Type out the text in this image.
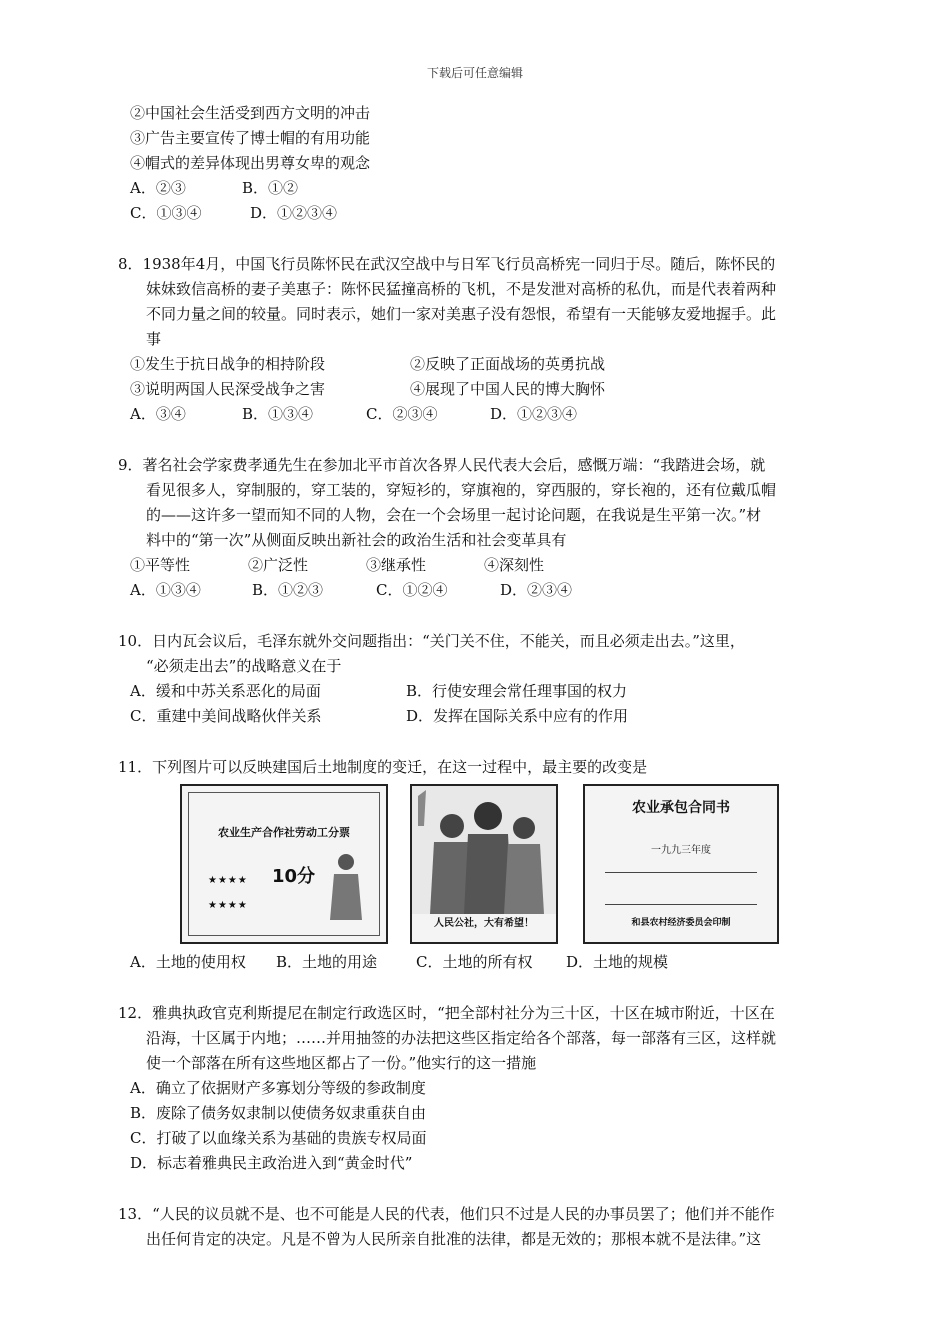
下载后可任意编辑
②中国社会生活受到西方文明的冲击
③广告主要宣传了博士帽的有用功能
④帽式的差异体现出男尊女卑的观念
A．②③	B．①②
C．①③④	D．①②③④
8．1938年4月，中国飞行员陈怀民在武汉空战中与日军飞行员高桥宪一同归于尽。随后，陈怀民的
妹妹致信高桥的妻子美惠子：陈怀民猛撞高桥的飞机，不是发泄对高桥的私仇，而是代表着两种
不同力量之间的较量。同时表示，她们一家对美惠子没有怨恨，希望有一天能够友爱地握手。此
事
①发生于抗日战争的相持阶段	②反映了正面战场的英勇抗战
③说明两国人民深受战争之害	④展现了中国人民的博大胸怀
A．③④	B．①③④	C．②③④	D．①②③④
9．著名社会学家费孝通先生在参加北平市首次各界人民代表大会后，感慨万端：“我踏进会场，就
看见很多人，穿制服的，穿工装的，穿短衫的，穿旗袍的，穿西服的，穿长袍的，还有位戴瓜帽
的——这许多一望而知不同的人物，会在一个会场里一起讨论问题，在我说是生平第一次。”材
料中的“第一次”从侧面反映出新社会的政治生活和社会变革具有
①平等性	②广泛性	③继承性	④深刻性
A．①③④	B．①②③	C．①②④	D．②③④
10．日内瓦会议后，毛泽东就外交问题指出：“关门关不住，不能关，而且必须走出去。”这里，
“必须走出去”的战略意义在于
A．缓和中苏关系恶化的局面	B．行使安理会常任理事国的权力
C．重建中美间战略伙伴关系	D．发挥在国际关系中应有的作用
11．下列图片可以反映建国后土地制度的变迁，在这一过程中，最主要的改变是
农业生产合作社劳动工分票
★★★★
★★★★
10分
人民公社，大有希望！
农业承包合同书
一九九三年度
和县农村经济委员会印制
A．土地的使用权	B．土地的用途	C．土地的所有权	D．土地的规模
12．雅典执政官克利斯提尼在制定行政选区时，“把全部村社分为三十区，十区在城市附近，十区在
沿海，十区属于内地；……并用抽签的办法把这些区指定给各个部落，每一部落有三区，这样就
使一个部落在所有这些地区都占了一份。”他实行的这一措施
A．确立了依据财产多寡划分等级的参政制度
B．废除了债务奴隶制以使债务奴隶重获自由
C．打破了以血缘关系为基础的贵族专权局面
D．标志着雅典民主政治进入到“黄金时代”
13．“人民的议员就不是、也不可能是人民的代表，他们只不过是人民的办事员罢了；他们并不能作
出任何肯定的决定。凡是不曾为人民所亲自批准的法律，都是无效的；那根本就不是法律。”这
